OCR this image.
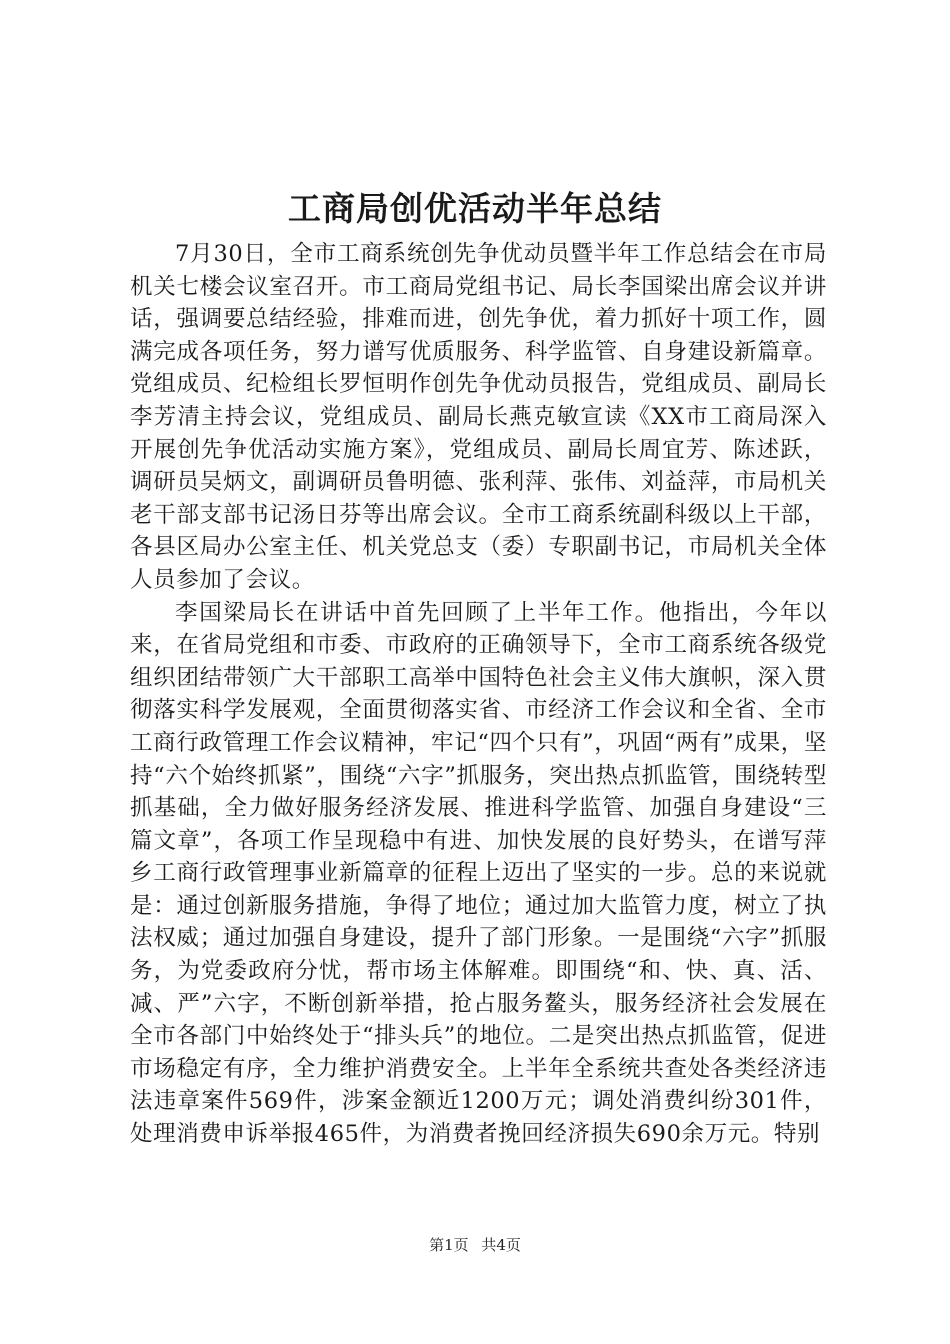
工商局创优活动半年总结

7月30日，全市工商系统创先争优动员暨半年工作总结会在市局机关七楼会议室召开。市工商局党组书记、局长李国梁出席会议并讲话，强调要总结经验，排难而进，创先争优，着力抓好十项工作，圆满完成各项任务，努力谱写优质服务、科学监管、自身建设新篇章。党组成员、纪检组长罗恒明作创先争优动员报告，党组成员、副局长李芳清主持会议，党组成员、副局长燕克敏宣读《XX市工商局深入开展创先争优活动实施方案》，党组成员、副局长周宜芳、陈述跃，调研员吴炳文，副调研员鲁明德、张利萍、张伟、刘益萍，市局机关老干部支部书记汤日芬等出席会议。全市工商系统副科级以上干部，各县区局办公室主任、机关党总支（委）专职副书记，市局机关全体人员参加了会议。

李国梁局长在讲话中首先回顾了上半年工作。他指出，今年以来，在省局党组和市委、市政府的正确领导下，全市工商系统各级党组织团结带领广大干部职工高举中国特色社会主义伟大旗帜，深入贯彻落实科学发展观，全面贯彻落实省、市经济工作会议和全省、全市工商行政管理工作会议精神，牢记“四个只有”，巩固“两有”成果，坚持“六个始终抓紧”，围绕“六字”抓服务，突出热点抓监管，围绕转型抓基础，全力做好服务经济发展、推进科学监管、加强自身建设“三篇文章”，各项工作呈现稳中有进、加快发展的良好势头，在谱写萍乡工商行政管理事业新篇章的征程上迈出了坚实的一步。总的来说就是：通过创新服务措施，争得了地位；通过加大监管力度，树立了执法权威；通过加强自身建设，提升了部门形象。一是围绕“六字”抓服务，为党委政府分忧，帮市场主体解难。即围绕“和、快、真、活、减、严”六字，不断创新举措，抢占服务鳌头，服务经济社会发展在全市各部门中始终处于“排头兵”的地位。二是突出热点抓监管，促进市场稳定有序，全力维护消费安全。上半年全系统共查处各类经济违法违章案件569件，涉案金额近1200万元；调处消费纠纷301件，处理消费申诉举报465件，为消费者挽回经济损失690余万元。特别

第1页 共4页
